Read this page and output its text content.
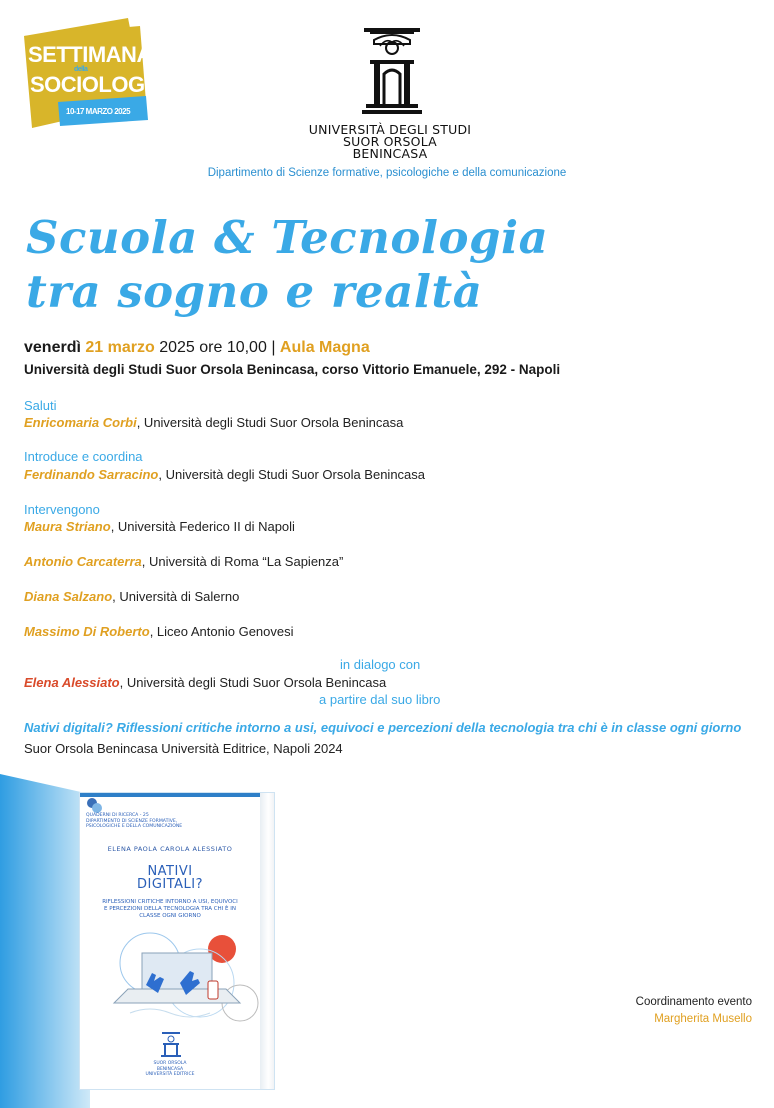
SETTIMANA
della
SOCIOLOGIA
10-17 MARZO 2025
UNIVERSITÀ DEGLI STUDI
SUOR ORSOLA
BENINCASA
Dipartimento di Scienze formative, psicologiche e della comunicazione
Scuola & Tecnologia
tra sogno e realtà
venerdì 21 marzo 2025 ore 10,00 | Aula Magna
Università degli Studi Suor Orsola Benincasa, corso Vittorio Emanuele, 292 - Napoli
Saluti
Enricomaria Corbi, Università degli Studi Suor Orsola Benincasa
Introduce e coordina
Ferdinando Sarracino, Università degli Studi Suor Orsola Benincasa
Intervengono
Maura Striano, Università Federico II di Napoli
Antonio Carcaterra, Università di Roma “La Sapienza”
Diana Salzano, Università di Salerno
Massimo Di Roberto, Liceo Antonio Genovesi
in dialogo con
Elena Alessiato, Università degli Studi Suor Orsola Benincasa
a partire dal suo libro
Nativi digitali? Riflessioni critiche intorno a usi, equivoci e percezioni della tecnologia tra chi è in classe ogni giorno
Suor Orsola Benincasa Università Editrice, Napoli 2024
QUADERNI DI RICERCA - 25
DIPARTIMENTO DI SCIENZE FORMATIVE,
PSICOLOGICHE E DELLA COMUNICAZIONE
ELENA PAOLA CAROLA ALESSIATO
NATIVI
DIGITALI?
RIFLESSIONI CRITICHE INTORNO A USI, EQUIVOCI E PERCEZIONI DELLA TECNOLOGIA TRA CHI È IN CLASSE OGNI GIORNO
SUOR ORSOLA
BENINCASA
UNIVERSITÀ EDITRICE
Coordinamento evento
Margherita Musello
